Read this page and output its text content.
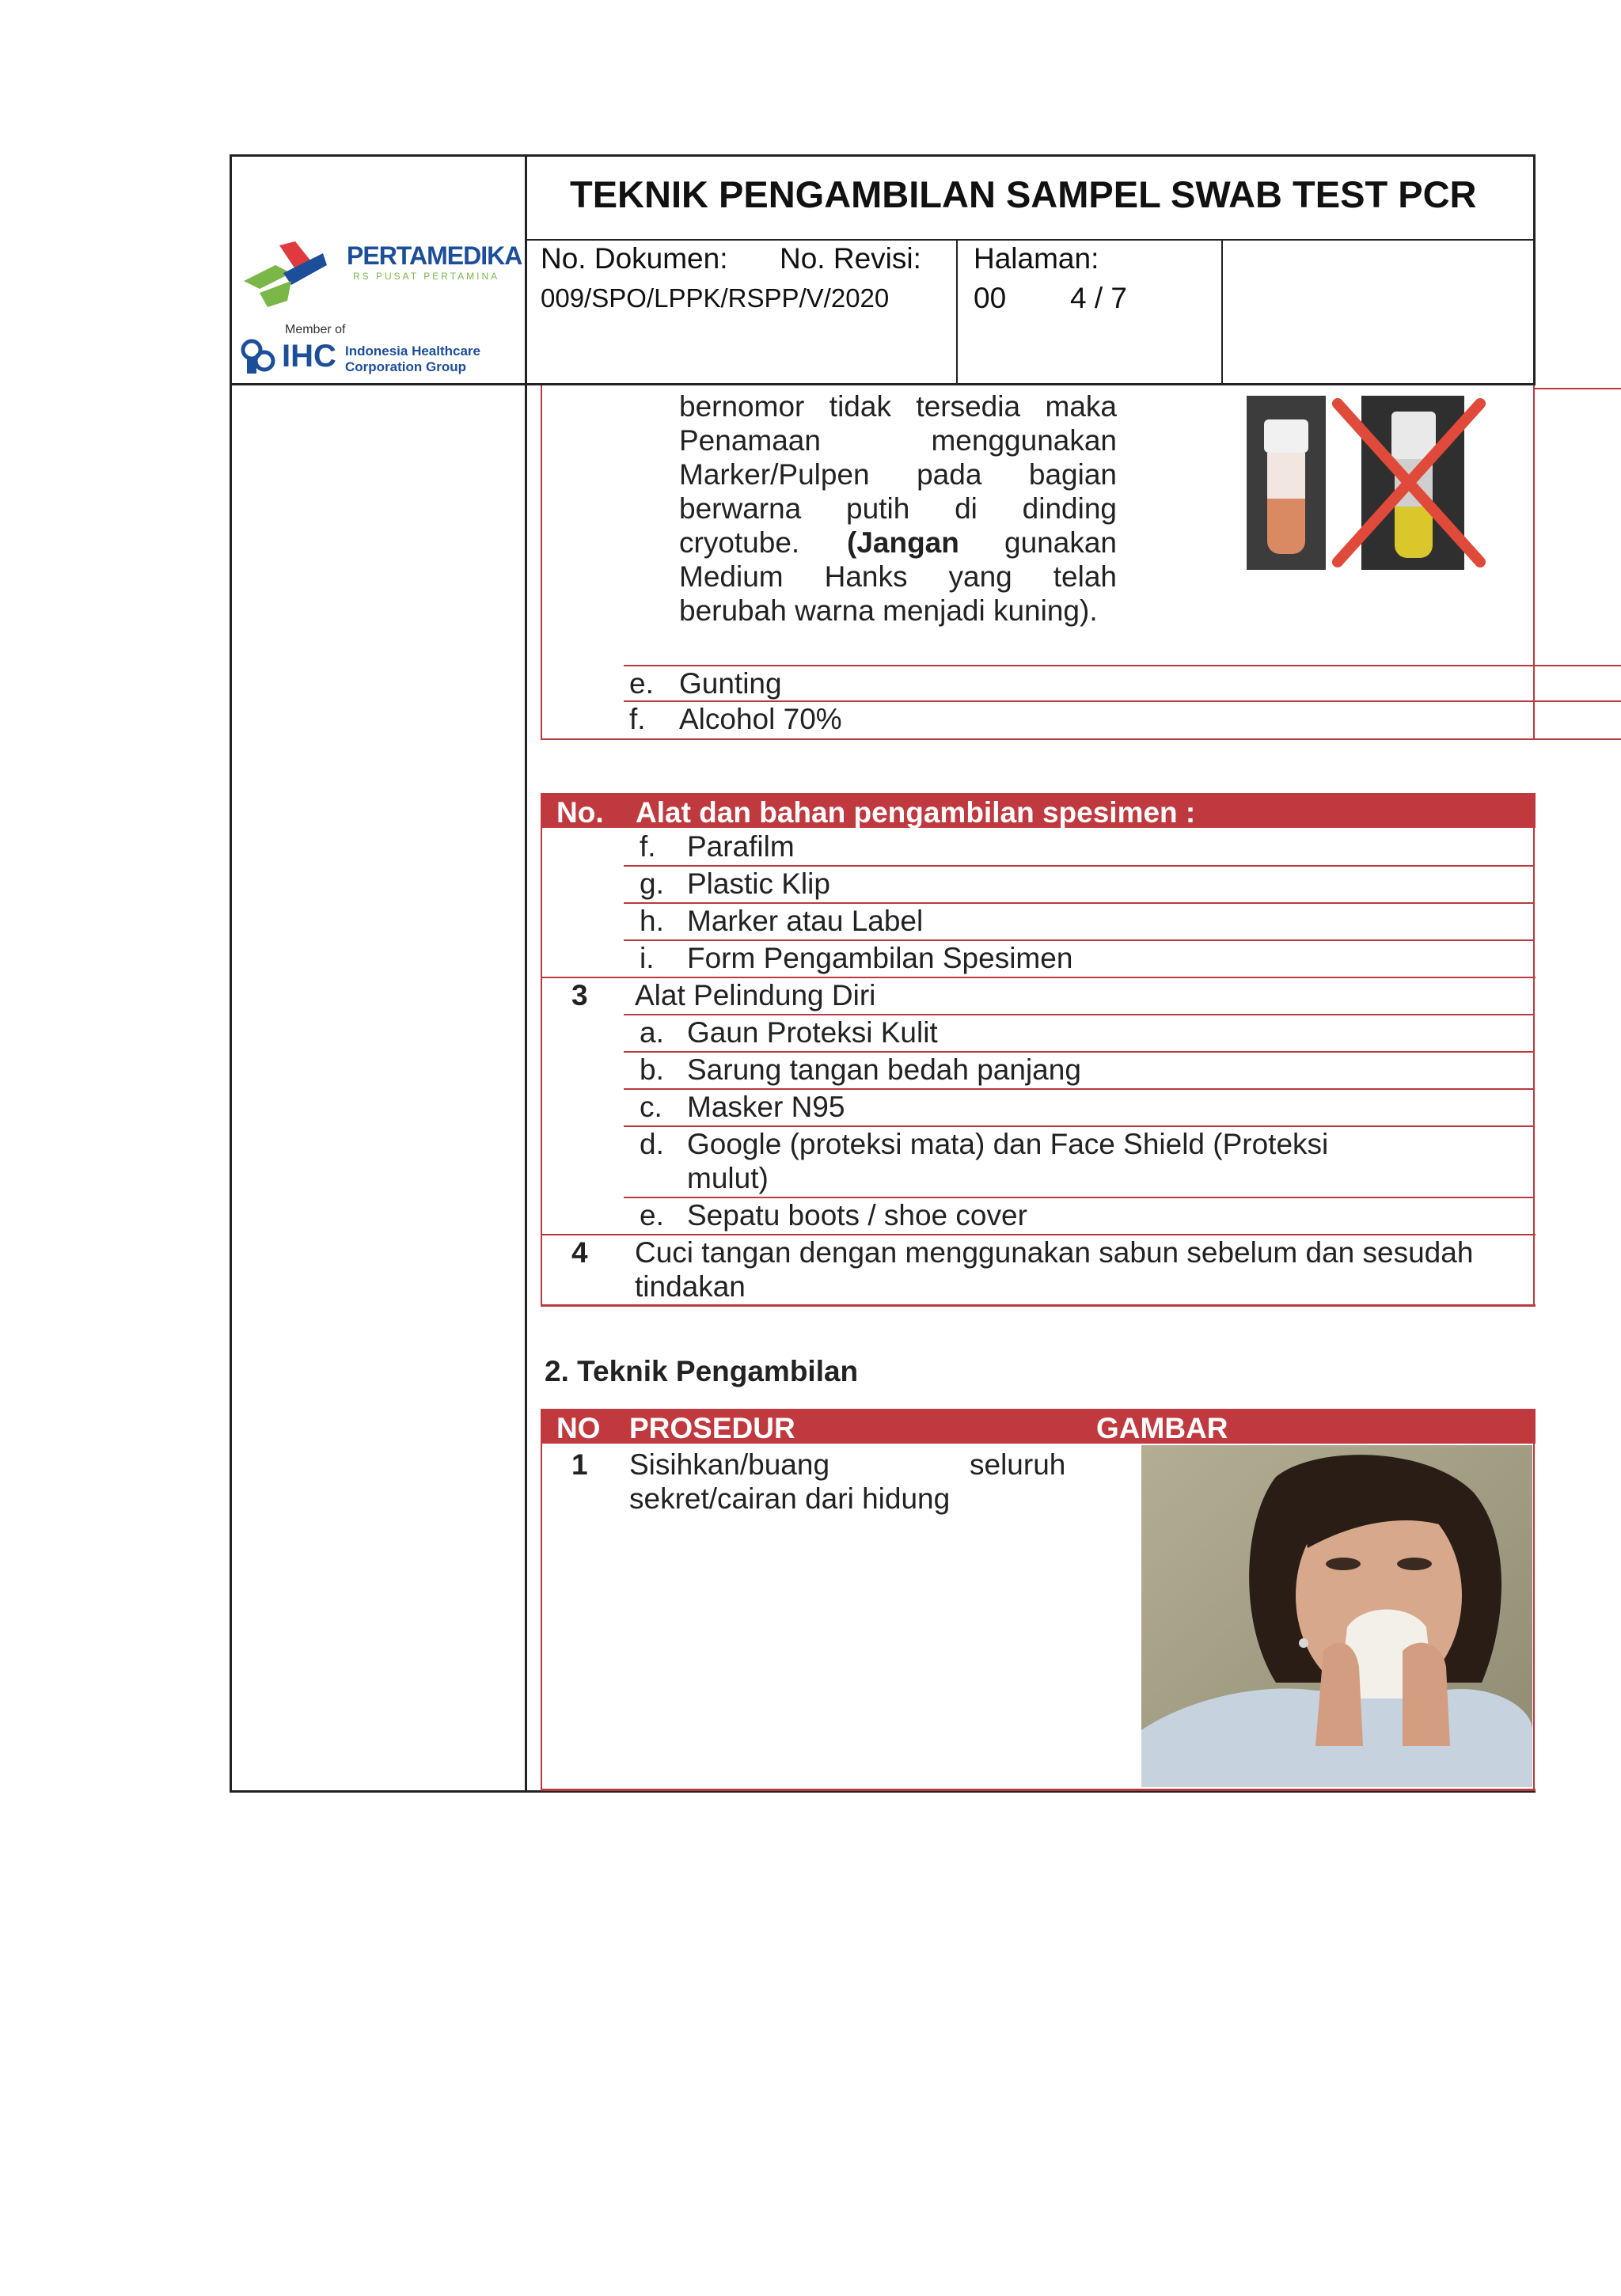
PERTAMEDIKA
RS PUSAT PERTAMINA
Member of
IHC Indonesia Healthcare
Corporation Group
TEKNIK PENGAMBILAN SAMPEL SWAB TEST PCR
No. Dokumen: No. Revisi:
009/SPO/LPPK/RSPP/V/2020
Halaman:
00 4 / 7
bernomor tidak tersedia maka
Penamaan menggunakan
Marker/Pulpen pada bagian
berwarna putih di dinding
cryotube. (Jangan gunakan
Medium Hanks yang telah
berubah warna menjadi kuning).
e. Gunting
f. Alcohol 70%
No. Alat dan bahan pengambilan spesimen :
f. Parafilm
g. Plastic Klip
h. Marker atau Label
i. Form Pengambilan Spesimen
3 Alat Pelindung Diri
a. Gaun Proteksi Kulit
b. Sarung tangan bedah panjang
c. Masker N95
d. Google (proteksi mata) dan Face Shield (Proteksi
mulut)
e. Sepatu boots / shoe cover
4 Cuci tangan dengan menggunakan sabun sebelum dan sesudah
tindakan
2. Teknik Pengambilan
NO PROSEDUR	GAMBAR
1 Sisihkan/buang	seluruh
sekret/cairan dari hidung
